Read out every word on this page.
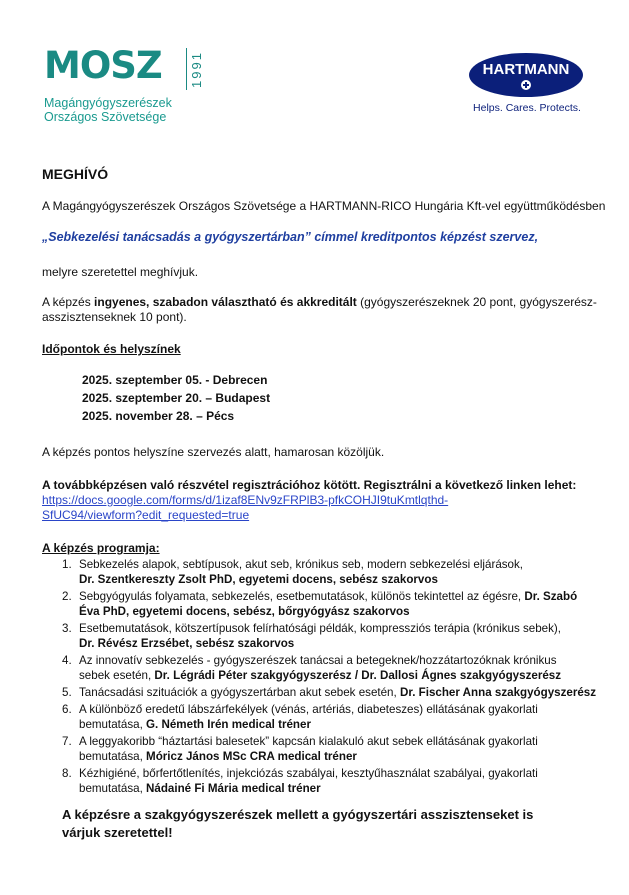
MOSZ 1991
Magángyógyszerészek
Országos Szövetsége
HARTMANN
Helps. Cares. Protects.
MEGHÍVÓ

A Magángyógyszerészek Országos Szövetsége a HARTMANN-RICO Hungária Kft-vel együttműködésben

„Sebkezelési tanácsadás a gyógyszertárban” címmel kreditpontos képzést szervez,

melyre szeretettel meghívjuk.

A képzés ingyenes, szabadon választható és akkreditált (gyógyszerészeknek 20 pont, gyógyszerész-
asszisztenseknek 10 pont).

Időpontok és helyszínek

2025. szeptember 05. - Debrecen
2025. szeptember 20. – Budapest
2025. november 28. – Pécs

A képzés pontos helyszíne szervezés alatt, hamarosan közöljük.

A továbbképzésen való részvétel regisztrációhoz kötött. Regisztrálni a következő linken lehet:

https://docs.google.com/forms/d/1izaf8ENv9zFRPlB3-pfkCOHJI9tuKmtlqthd-
SfUC94/viewform?edit_requested=true

A képzés programja:

1. Sebkezelés alapok, sebtípusok, akut seb, krónikus seb, modern sebkezelési eljárások,
Dr. Szentkereszty Zsolt PhD, egyetemi docens, sebész szakorvos
2. Sebgyógyulás folyamata, sebkezelés, esetbemutatások, különös tekintettel az égésre, Dr. Szabó
Éva PhD, egyetemi docens, sebész, bőrgyógyász szakorvos
3. Esetbemutatások, kötszertípusok felírhatósági példák, kompressziós terápia (krónikus sebek),
Dr. Révész Erzsébet, sebész szakorvos
4. Az innovatív sebkezelés - gyógyszerészek tanácsai a betegeknek/hozzátartozóknak krónikus
sebek esetén, Dr. Légrádi Péter szakgyógyszerész / Dr. Dallosi Ágnes szakgyógyszerész
5. Tanácsadási szituációk a gyógyszertárban akut sebek esetén, Dr. Fischer Anna szakgyógyszerész
6. A különböző eredetű lábszárfekélyek (vénás, artériás, diabeteszes) ellátásának gyakorlati
bemutatása, G. Németh Irén medical tréner
7. A leggyakoribb “háztartási balesetek” kapcsán kialakuló akut sebek ellátásának gyakorlati
bemutatása, Móricz János MSc CRA medical tréner
8. Kézhigiéné, bőrfertőtlenítés, injekciózás szabályai, kesztyűhasználat szabályai, gyakorlati
bemutatása, Nádainé Fi Mária medical tréner
A képzésre a szakgyógyszerészek mellett a gyógyszertári asszisztenseket is várjuk szeretettel!
